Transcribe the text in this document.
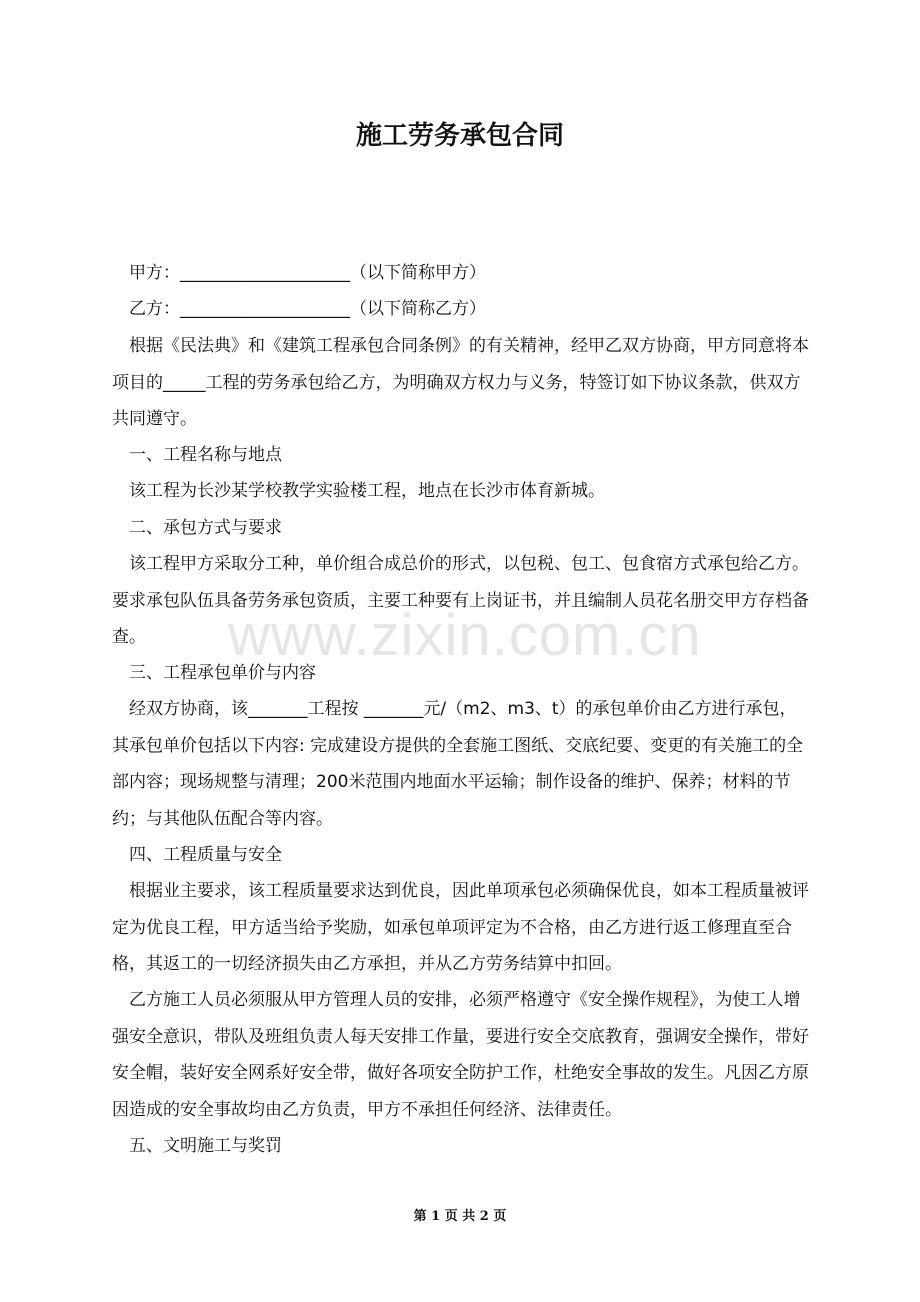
www.zixin.com.cn
施工劳务承包合同
甲方：____________________（以下简称甲方）
乙方：____________________（以下简称乙方）
根据《民法典》和《建筑工程承包合同条例》的有关精神，经甲乙双方协商，甲方同意将本项目的_____工程的劳务承包给乙方，为明确双方权力与义务，特签订如下协议条款，供双方共同遵守。
一、工程名称与地点
该工程为长沙某学校教学实验楼工程，地点在长沙市体育新城。
二、承包方式与要求
该工程甲方采取分工种，单价组合成总价的形式，以包税、包工、包食宿方式承包给乙方。要求承包队伍具备劳务承包资质，主要工种要有上岗证书，并且编制人员花名册交甲方存档备查。
三、工程承包单价与内容
经双方协商，该_______工程按 _______元/（m2、m3、t）的承包单价由乙方进行承包，其承包单价包括以下内容: 完成建设方提供的全套施工图纸、交底纪要、变更的有关施工的全部内容；现场规整与清理；200米范围内地面水平运输；制作设备的维护、保养；材料的节约；与其他队伍配合等内容。
四、工程质量与安全
根据业主要求，该工程质量要求达到优良，因此单项承包必须确保优良，如本工程质量被评定为优良工程，甲方适当给予奖励，如承包单项评定为不合格，由乙方进行返工修理直至合格，其返工的一切经济损失由乙方承担，并从乙方劳务结算中扣回。
乙方施工人员必须服从甲方管理人员的安排，必须严格遵守《安全操作规程》，为使工人增强安全意识，带队及班组负责人每天安排工作量，要进行安全交底教育，强调安全操作，带好安全帽，装好安全网系好安全带，做好各项安全防护工作，杜绝安全事故的发生。凡因乙方原因造成的安全事故均由乙方负责，甲方不承担任何经济、法律责任。
五、文明施工与奖罚
第 1 页 共 2 页
